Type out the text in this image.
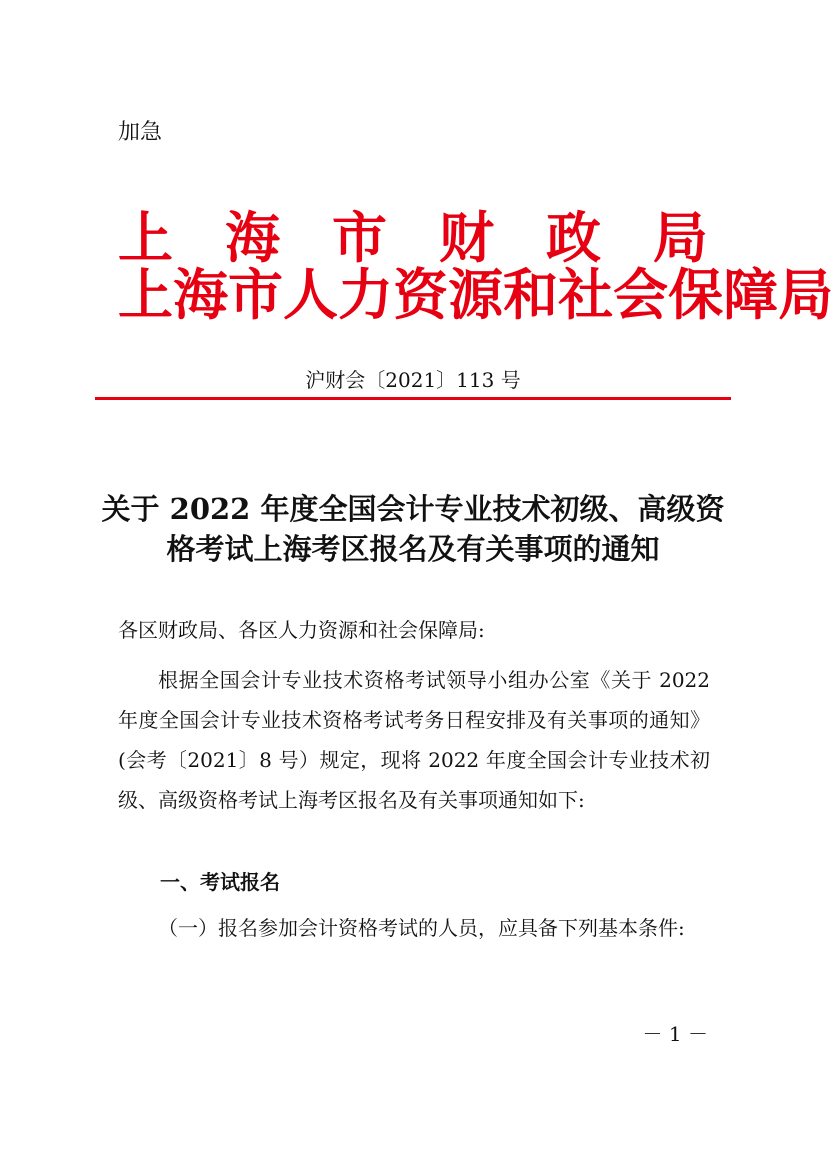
加急
上 海 市 财 政 局
上 海 市 人 力 资 源 和 社 会 保 障 局
沪财会〔2021〕113 号
关于 2022 年度全国会计专业技术初级、高级资格考试上海考区报名及有关事项的通知
各区财政局、各区人力资源和社会保障局:
根据全国会计专业技术资格考试领导小组办公室《关于 2022 年度全国会计专业技术资格考试考务日程安排及有关事项的通知》(会考〔2021〕8 号）规定，现将 2022 年度全国会计专业技术初级、高级资格考试上海考区报名及有关事项通知如下:
一、考试报名
（一）报名参加会计资格考试的人员，应具备下列基本条件:
－ 1 －
